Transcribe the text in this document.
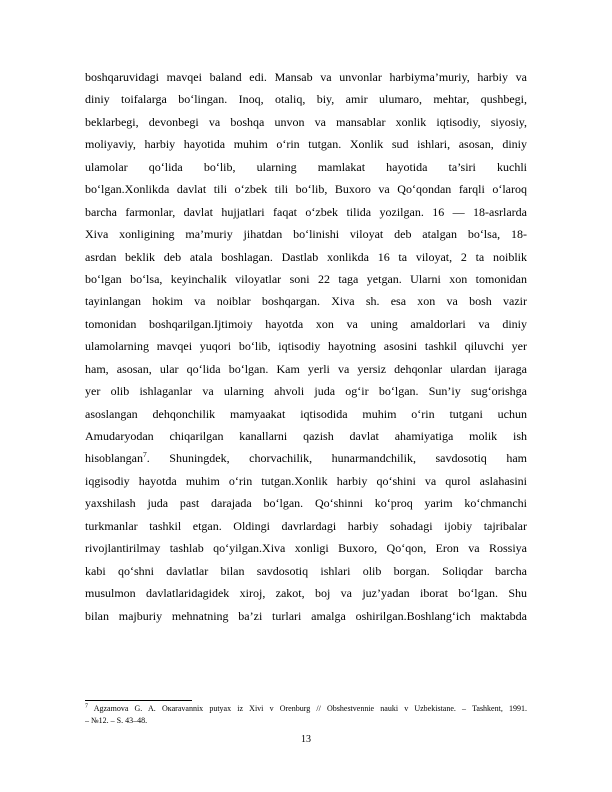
boshqaruvidagi mavqei baland edi. Mansab va unvonlar harbiyma’muriy, harbiy va
diniy toifalarga bo‘lingan. Inoq, otaliq, biy, amir ulumaro, mehtar, qushbegi,
beklarbegi, devonbegi va boshqa unvon va mansablar xonlik iqtisodiy, siyosiy,
moliyaviy, harbiy hayotida muhim o‘rin tutgan. Xonlik sud ishlari, asosan, diniy
ulamolar qo‘lida bo‘lib, ularning mamlakat hayotida ta’siri kuchli
bo‘lgan.Xonlikda davlat tili o‘zbek tili bo‘lib, Buxoro va Qo‘qondan farqli o‘laroq
barcha farmonlar, davlat hujjatlari faqat o‘zbek tilida yozilgan. 16 — 18-asrlarda
Xiva xonligining ma’muriy jihatdan bo‘linishi viloyat deb atalgan bo‘lsa, 18-
asrdan beklik deb atala boshlagan. Dastlab xonlikda 16 ta viloyat, 2 ta noiblik
bo‘lgan bo‘lsa, keyinchalik viloyatlar soni 22 taga yetgan. Ularni xon tomonidan
tayinlangan hokim va noiblar boshqargan. Xiva sh. esa xon va bosh vazir
tomonidan boshqarilgan.Ijtimoiy hayotda xon va uning amaldorlari va diniy
ulamolarning mavqei yuqori bo‘lib, iqtisodiy hayotning asosini tashkil qiluvchi yer
ham, asosan, ular qo‘lida bo‘lgan. Kam yerli va yersiz dehqonlar ulardan ijaraga
yer olib ishlaganlar va ularning ahvoli juda og‘ir bo‘lgan. Sun’iy sug‘orishga
asoslangan dehqonchilik mamyaakat iqtisodida muhim o‘rin tutgani uchun
Amudaryodan chiqarilgan kanallarni qazish davlat ahamiyatiga molik ish
hisoblangan$^7$. Shuningdek, chorvachilik, hunarmandchilik, savdosotiq ham
iqgisodiy hayotda muhim o‘rin tutgan.Xonlik harbiy qo‘shini va qurol aslahasini
yaxshilash juda past darajada bo‘lgan. Qo‘shinni ko‘proq yarim ko‘chmanchi
turkmanlar tashkil etgan. Oldingi davrlardagi harbiy sohadagi ijobiy tajribalar
rivojlantirilmay tashlab qo‘yilgan.Xiva xonligi Buxoro, Qo‘qon, Eron va Rossiya
kabi qo‘shni davlatlar bilan savdosotiq ishlari olib borgan. Soliqdar barcha
musulmon davlatlaridagidek xiroj, zakot, boj va juz’yadan iborat bo‘lgan. Shu
bilan majburiy mehnatning ba’zi turlari amalga oshirilgan.Boshlang‘ich maktabda
$^7$ Agzamova G. A. Oкaravannix putyax iz Xivi v Orenburg // Obshestvennie nauki v Uzbekistane. – Tashkent, 1991.
– №12. – S. 43–48.
13
